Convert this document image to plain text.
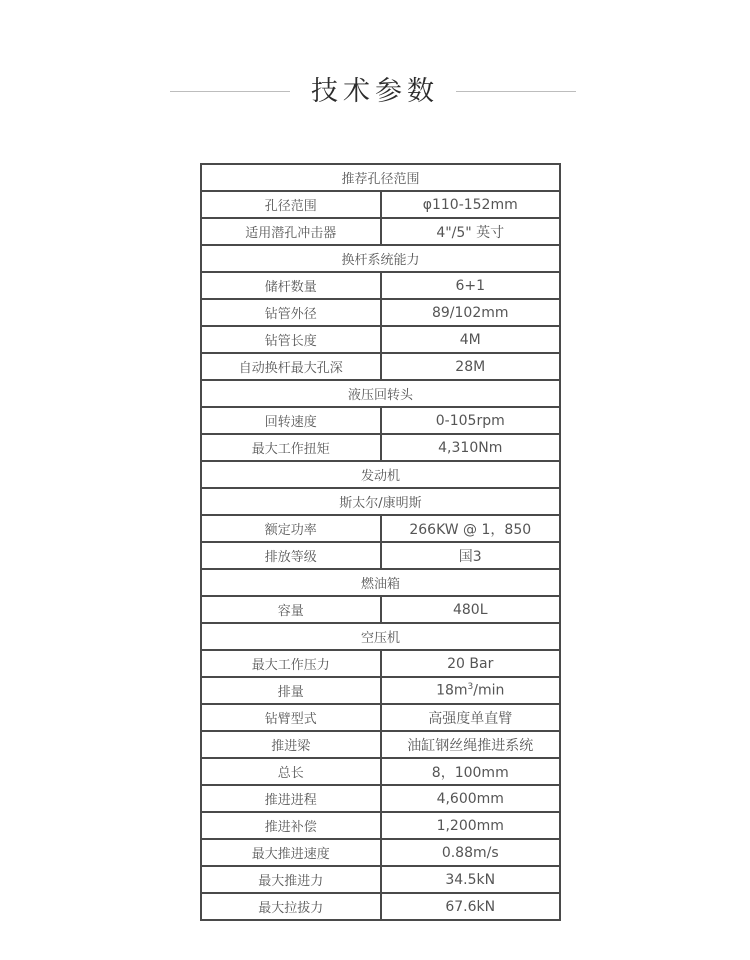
技术参数
推荐孔径范围	
孔径范围	φ110-152mm
适用潜孔冲击器	4"/5" 英寸
换杆系统能力	
储杆数量	6+1
钻管外径	89/102mm
钻管长度	4M
自动换杆最大孔深	28M
液压回转头	
回转速度	0-105rpm
最大工作扭矩	4,310Nm
发动机	
斯太尔/康明斯	
额定功率	266KW @ 1，850
排放等级	国3
燃油箱	
容量	480L
空压机	
最大工作压力	20 Bar
排量	$18m^3/\min$
钻臂型式	高强度单直臂
推进梁	油缸钢丝绳推进系统
总长	8，100mm
推进进程	4,600mm
推进补偿	1,200mm
最大推进速度	0.88m/s
最大推进力	34.5kN
最大拉拔力	67.6kN
